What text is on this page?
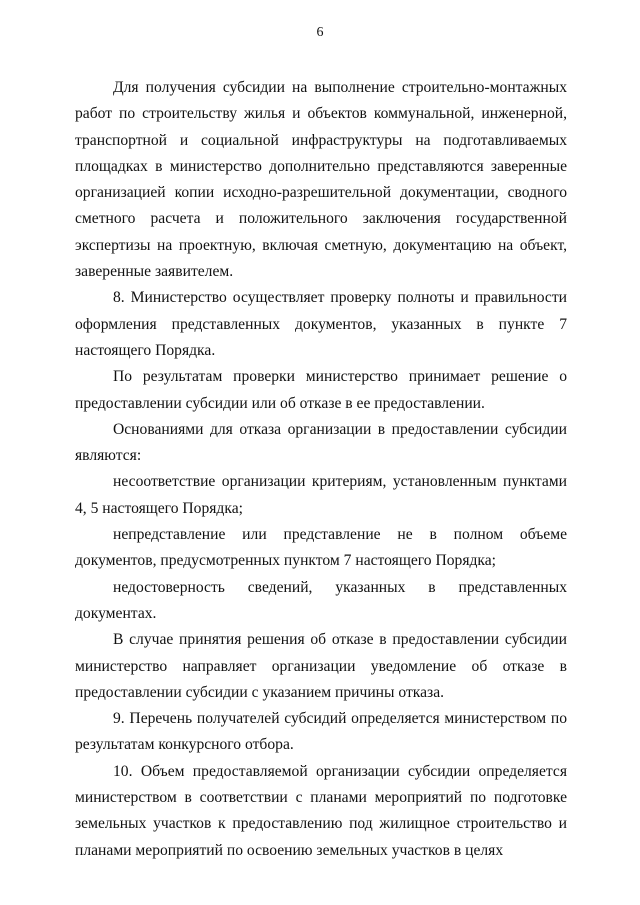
6

Для получения субсидии на выполнение строительно-монтажных работ по строительству жилья и объектов коммунальной, инженерной, транспортной и социальной инфраструктуры на подготавливаемых площадках в министерство дополнительно представляются заверенные организацией копии исходно-разрешительной документации, сводного сметного расчета и положительного заключения государственной экспертизы на проектную, включая сметную, документацию на объект, заверенные заявителем.

8. Министерство осуществляет проверку полноты и правильности оформления представленных документов, указанных в пункте 7 настоящего Порядка.

По результатам проверки министерство принимает решение о предоставлении субсидии или об отказе в ее предоставлении.

Основаниями для отказа организации в предоставлении субсидии являются:

несоответствие организации критериям, установленным пунктами 4, 5 настоящего Порядка;

непредставление или представление не в полном объеме документов, предусмотренных пунктом 7 настоящего Порядка;

недостоверность сведений, указанных в представленных документах.

В случае принятия решения об отказе в предоставлении субсидии министерство направляет организации уведомление об отказе в предоставлении субсидии с указанием причины отказа.

9. Перечень получателей субсидий определяется министерством по результатам конкурсного отбора.

10. Объем предоставляемой организации субсидии определяется министерством в соответствии с планами мероприятий по подготовке земельных участков к предоставлению под жилищное строительство и планами мероприятий по освоению земельных участков в целях
